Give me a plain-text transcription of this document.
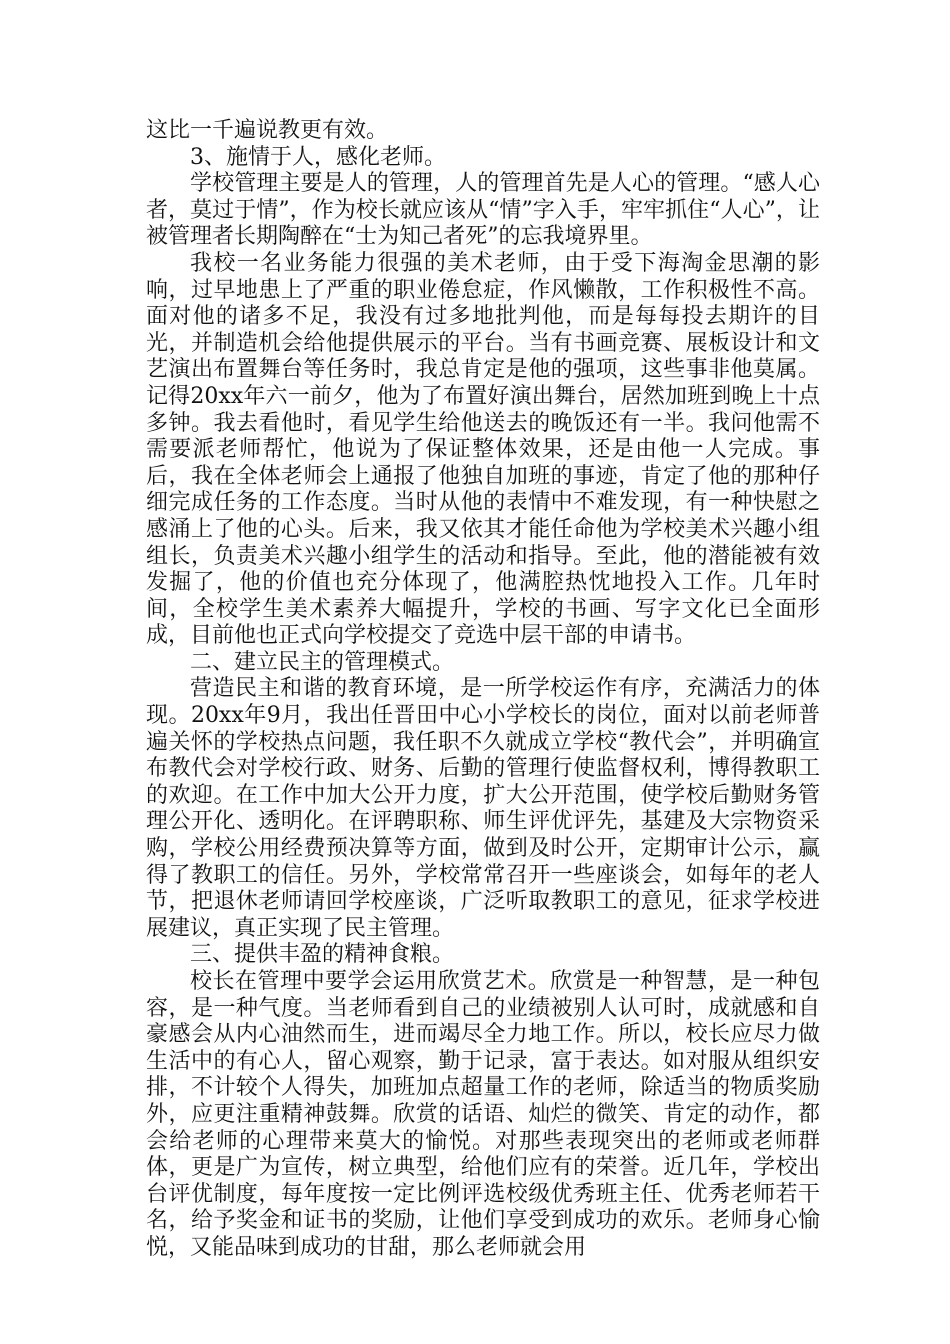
这比一千遍说教更有效。

3、施情于人，感化老师。

学校管理主要是人的管理，人的管理首先是人心的管理。“感人心者，莫过于情”，作为校长就应该从“情”字入手，牢牢抓住“人心”，让被管理者长期陶醉在“士为知己者死”的忘我境界里。

我校一名业务能力很强的美术老师，由于受下海淘金思潮的影响，过早地患上了严重的职业倦怠症，作风懒散，工作积极性不高。面对他的诸多不足，我没有过多地批判他，而是每每投去期许的目光，并制造机会给他提供展示的平台。当有书画竞赛、展板设计和文艺演出布置舞台等任务时，我总肯定是他的强项，这些事非他莫属。记得20xx年六一前夕，他为了布置好演出舞台，居然加班到晚上十点多钟。我去看他时，看见学生给他送去的晚饭还有一半。我问他需不需要派老师帮忙，他说为了保证整体效果，还是由他一人完成。事后，我在全体老师会上通报了他独自加班的事迹，肯定了他的那种仔细完成任务的工作态度。当时从他的表情中不难发现，有一种快慰之感涌上了他的心头。后来，我又依其才能任命他为学校美术兴趣小组组长，负责美术兴趣小组学生的活动和指导。至此，他的潜能被有效发掘了，他的价值也充分体现了，他满腔热忱地投入工作。几年时间，全校学生美术素养大幅提升，学校的书画、写字文化已全面形成，目前他也正式向学校提交了竞选中层干部的申请书。

二、建立民主的管理模式。

营造民主和谐的教育环境，是一所学校运作有序，充满活力的体现。20xx年9月，我出任晋田中心小学校长的岗位，面对以前老师普遍关怀的学校热点问题，我任职不久就成立学校“教代会”，并明确宣布教代会对学校行政、财务、后勤的管理行使监督权利，博得教职工的欢迎。在工作中加大公开力度，扩大公开范围，使学校后勤财务管理公开化、透明化。在评聘职称、师生评优评先，基建及大宗物资采购，学校公用经费预决算等方面，做到及时公开，定期审计公示，赢得了教职工的信任。另外，学校常常召开一些座谈会，如每年的老人节，把退休老师请回学校座谈，广泛听取教职工的意见，征求学校进展建议，真正实现了民主管理。

三、提供丰盈的精神食粮。

校长在管理中要学会运用欣赏艺术。欣赏是一种智慧，是一种包容，是一种气度。当老师看到自己的业绩被别人认可时，成就感和自豪感会从内心油然而生，进而竭尽全力地工作。所以，校长应尽力做生活中的有心人，留心观察，勤于记录，富于表达。如对服从组织安排，不计较个人得失，加班加点超量工作的老师，除适当的物质奖励外，应更注重精神鼓舞。欣赏的话语、灿烂的微笑、肯定的动作，都会给老师的心理带来莫大的愉悦。对那些表现突出的老师或老师群体，更是广为宣传，树立典型，给他们应有的荣誉。近几年，学校出台评优制度，每年度按一定比例评选校级优秀班主任、优秀老师若干名，给予奖金和证书的奖励，让他们享受到成功的欢乐。老师身心愉悦，又能品味到成功的甘甜，那么老师就会用
